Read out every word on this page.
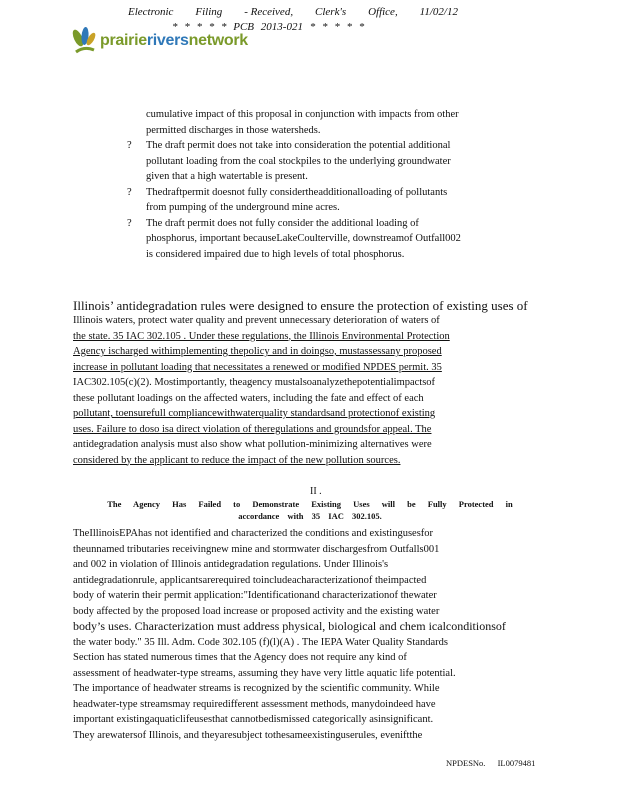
Electronic Filing - Received, Clerk's Office, 11/02/12
* * * * * PCB 2013-021 * * * * *
prairieriversnetwork
cumulative impact of this proposal in conjunction with impacts from other
permitted discharges in those watersheds.
? The draft permit does not take into consideration the potential additional
pollutant loading from the coal stockpiles to the underlying groundwater
given that a high watertable is present.
? Thedraftpermit doesnot fully considertheadditionalloading of pollutants
from pumping of the underground mine acres.
? The draft permit does not fully consider the additional loading of
phosphorus, important becauseLakeCoulterville, downstreamof Outfall002
is considered impaired due to high levels of total phosphorus.
Illinois’ antidegradation rules were designed to ensure the protection of existing uses of
Illinois waters, protect water quality and prevent unnecessary deterioration of waters of
the state. 35 IAC 302.105 . Under these regulations, the Illinois Environmental Protection
Agency ischarged withimplementing thepolicy and in doingso, mustassessany proposed
increase in pollutant loading that necessitates a renewed or modified NPDES permit. 35
IAC302.105(c)(2). Mostimportantly, theagency mustalsoanalyzethepotentialimpactsof
these pollutant loadings on the affected waters, including the fate and effect of each
pollutant, toensurefull compliancewithwaterquality standardsand protectionof existing
uses. Failure to doso isa direct violation of theregulations and groundsfor appeal. The
antidegradation analysis must also show what pollution-minimizing alternatives were
considered by the applicant to reduce the impact of the new pollution sources.
II .
The Agency Has Failed to Demonstrate Existing Uses will be Fully Protected in
accordance with 35 IAC 302.105.
TheIllinoisEPAhas not identified and characterized the conditions and existingusesfor
theunnamed tributaries receivingnew mine and stormwater dischargesfrom Outfalls001
and 002 in violation of Illinois antidegradation regulations. Under Illinois's
antidegradationrule, applicantsarerequired toincludeacharacterizationof theimpacted
body of waterin their permit application:"Identificationand characterizationof thewater
body affected by the proposed load increase or proposed activity and the existing water
body’s uses. Characterization must address physical, biological and chem icalconditionsof
the water body." 35 Ill. Adm. Code 302.105 (f)(l)(A) . The IEPA Water Quality Standards
Section has stated numerous times that the Agency does not require any kind of
assessment of headwater-type streams, assuming they have very little aquatic life potential.
The importance of headwater streams is recognized by the scientific community. While
headwater-type streamsmay requiredifferent assessment methods, manydoindeed have
important existingaquaticlifeusesthat cannotbedismissed categorically asinsignificant.
They arewatersof Illinois, and theyaresubject tothesameexistinguserules, eveniftthe
NPDESNo. IL0079481
